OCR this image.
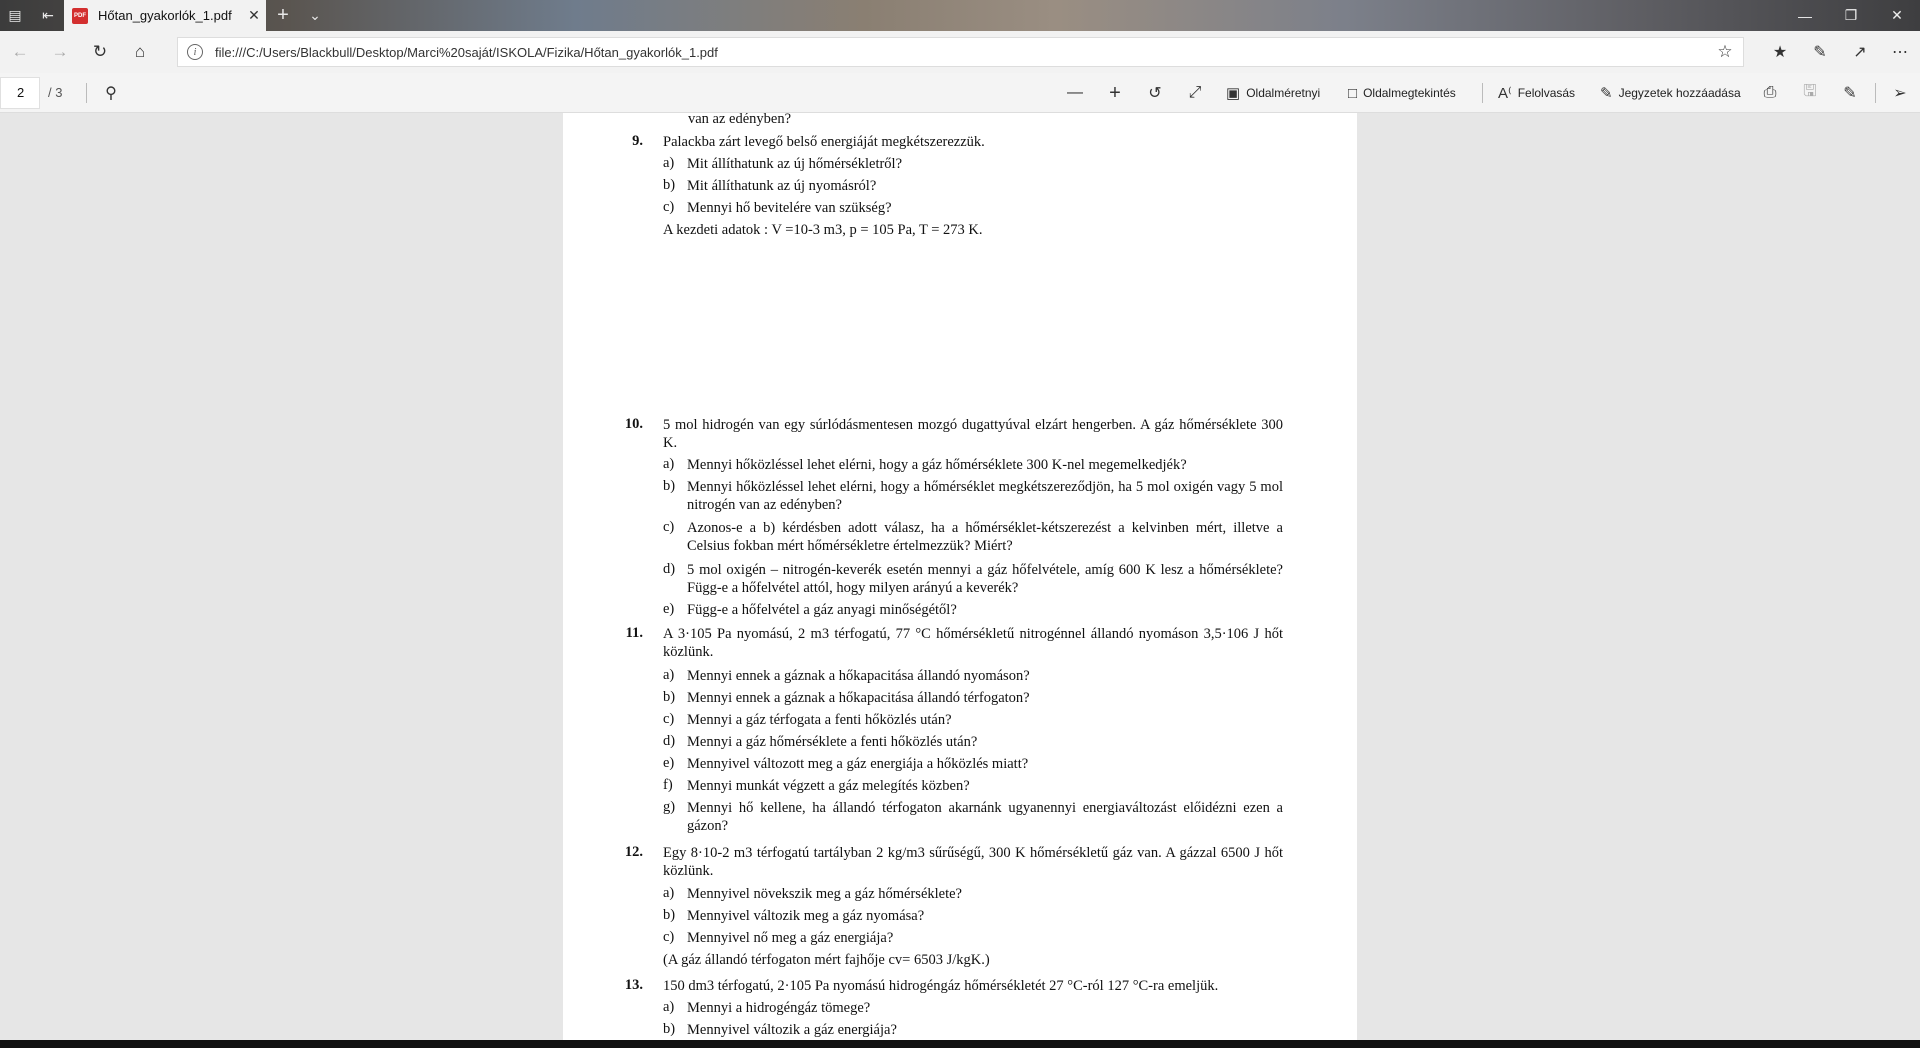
▤	⇤	PDF Hőtan_gyakorlók_1.pdf	✕ +	⌄	—	❐	✕
←	→	↻	⌂	i	file:///C:/Users/Blackbull/Desktop/Marci%20saját/ISKOLA/Fizika/Hőtan_gyakorlók_1.pdf	☆	★	✎	↗	⋯
2	/ 3	⚲	—	+	↺	⤢	▣ Oldalméretnyi □ Oldalmegtekintés	A⁽ Felolvasás ✎ Jegyzetek hozzáadása	⎙	🖫	✎	➢
van az edényben?
9. Palackba zárt levegő belső energiáját megkétszerezzük.
a) Mit állíthatunk az új hőmérsékletről?
b) Mit állíthatunk az új nyomásról?
c) Mennyi hő bevitelére van szükség?
A kezdeti adatok : V =10-3 m3, p = 105 Pa, T = 273 K.
10. 5 mol hidrogén van egy súrlódásmentesen mozgó dugattyúval elzárt hengerben. A gáz hőmérséklete 300 K.
a) Mennyi hőközléssel lehet elérni, hogy a gáz hőmérséklete 300 K-nel megemelkedjék?
b) Mennyi hőközléssel lehet elérni, hogy a hőmérséklet megkétszereződjön, ha 5 mol oxigén vagy 5 mol nitrogén van az edényben?
c) Azonos-e a b) kérdésben adott válasz, ha a hőmérséklet-kétszerezést a kelvinben mért, illetve a Celsius fokban mért hőmérsékletre értelmezzük? Miért?
d) 5 mol oxigén – nitrogén-keverék esetén mennyi a gáz hőfelvétele, amíg 600 K lesz a hőmérséklete? Függ-e a hőfelvétel attól, hogy milyen arányú a keverék?
e) Függ-e a hőfelvétel a gáz anyagi minőségétől?
11. A 3·105 Pa nyomású, 2 m3 térfogatú, 77 °C hőmérsékletű nitrogénnel állandó nyomáson 3,5·106 J hőt közlünk.
a) Mennyi ennek a gáznak a hőkapacitása állandó nyomáson?
b) Mennyi ennek a gáznak a hőkapacitása állandó térfogaton?
c) Mennyi a gáz térfogata a fenti hőközlés után?
d) Mennyi a gáz hőmérséklete a fenti hőközlés után?
e) Mennyivel változott meg a gáz energiája a hőközlés miatt?
f) Mennyi munkát végzett a gáz melegítés közben?
g) Mennyi hő kellene, ha állandó térfogaton akarnánk ugyanennyi energiaváltozást előidézni ezen a gázon?
12. Egy 8·10-2 m3 térfogatú tartályban 2 kg/m3 sűrűségű, 300 K hőmérsékletű gáz van. A gázzal 6500 J hőt közlünk.
a) Mennyivel növekszik meg a gáz hőmérséklete?
b) Mennyivel változik meg a gáz nyomása?
c) Mennyivel nő meg a gáz energiája?
(A gáz állandó térfogaton mért fajhője cv= 6503 J/kgK.)
13. 150 dm3 térfogatú, 2·105 Pa nyomású hidrogéngáz hőmérsékletét 27 °C-ról 127 °C-ra emeljük.
a) Mennyi a hidrogéngáz tömege?
b) Mennyivel változik a gáz energiája?
